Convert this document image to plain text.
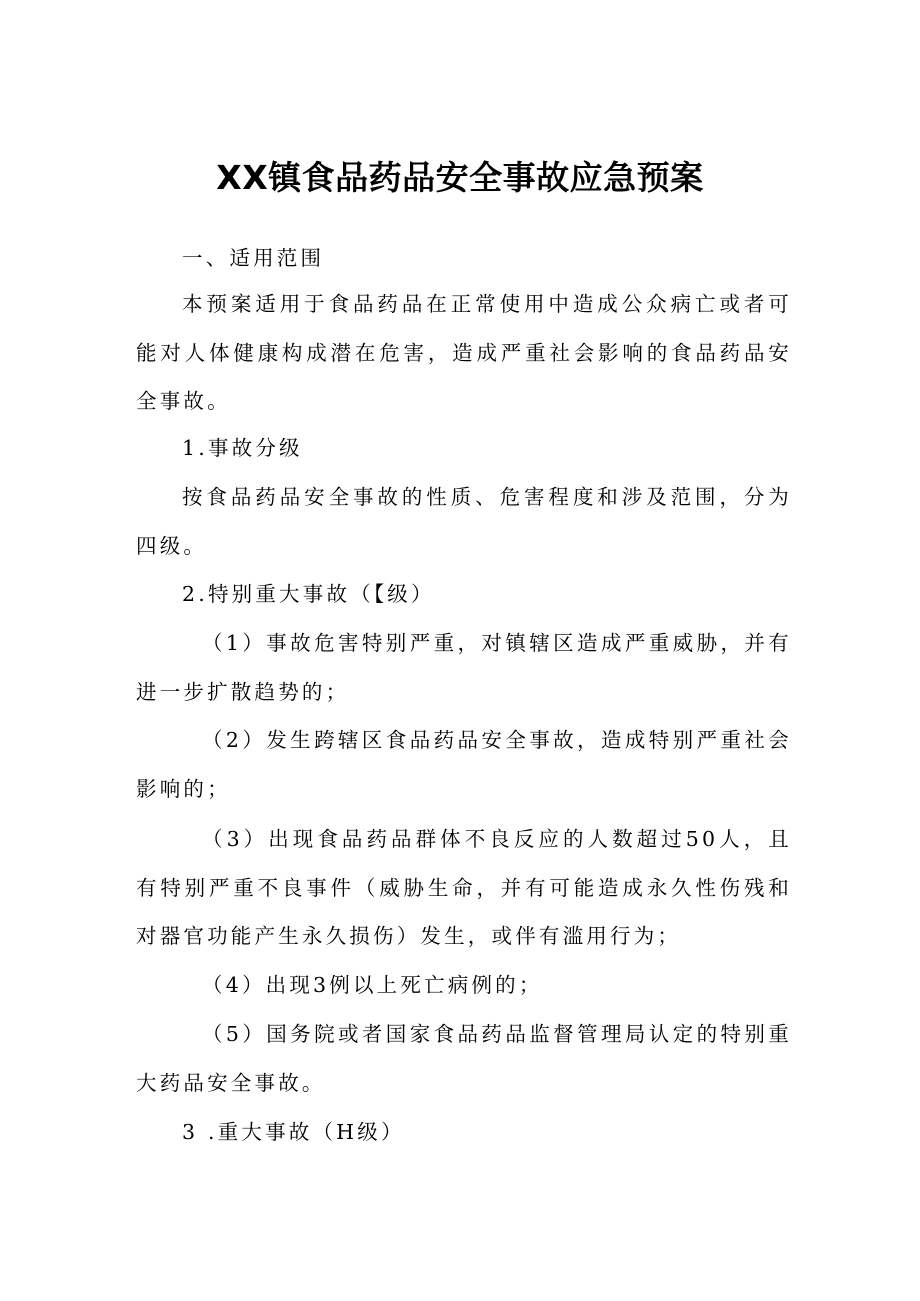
XX镇食品药品安全事故应急预案

一、适用范围

本预案适用于食品药品在正常使用中造成公众病亡或者可能对人体健康构成潜在危害，造成严重社会影响的食品药品安全事故。

1.事故分级

按食品药品安全事故的性质、危害程度和涉及范围，分为四级。

2.特别重大事故（【级）

（1）事故危害特别严重，对镇辖区造成严重威胁，并有进一步扩散趋势的；

（2）发生跨辖区食品药品安全事故，造成特别严重社会影响的；

（3）出现食品药品群体不良反应的人数超过50人，且有特别严重不良事件（威胁生命，并有可能造成永久性伤残和对器官功能产生永久损伤）发生，或伴有滥用行为；

（4）出现3例以上死亡病例的；

（5）国务院或者国家食品药品监督管理局认定的特别重大药品安全事故。

3 .重大事故（H级）
